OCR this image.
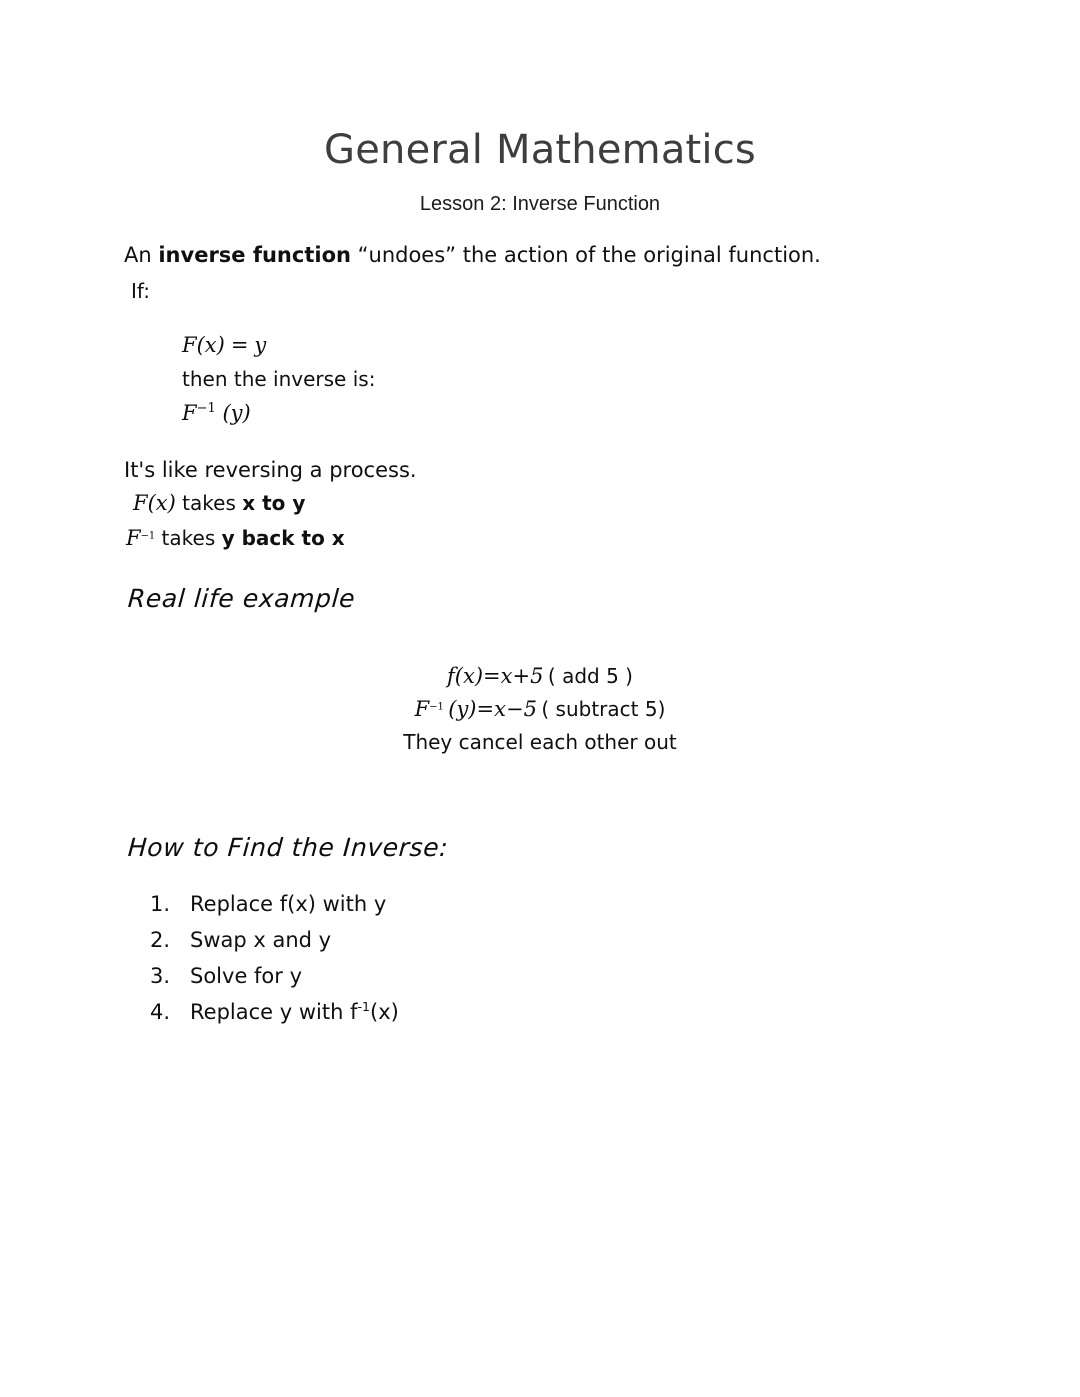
General Mathematics
Lesson 2: Inverse Function
An inverse function “undoes” the action of the original function.
If:
F(x) = y
then the inverse is:
$F^{-1}$ (y)
It's like reversing a process.
F(x) takes x to y
$F^{-1}$ takes y back to x
Real life example
f(x)=x+5 ( add 5 )
$F^{-1}$ (y)=x−5 ( subtract 5)
They cancel each other out
How to Find the Inverse:
1. Replace f(x) with y
2. Swap x and y
3. Solve for y
4. Replace y with $f^{-1}(x)$
